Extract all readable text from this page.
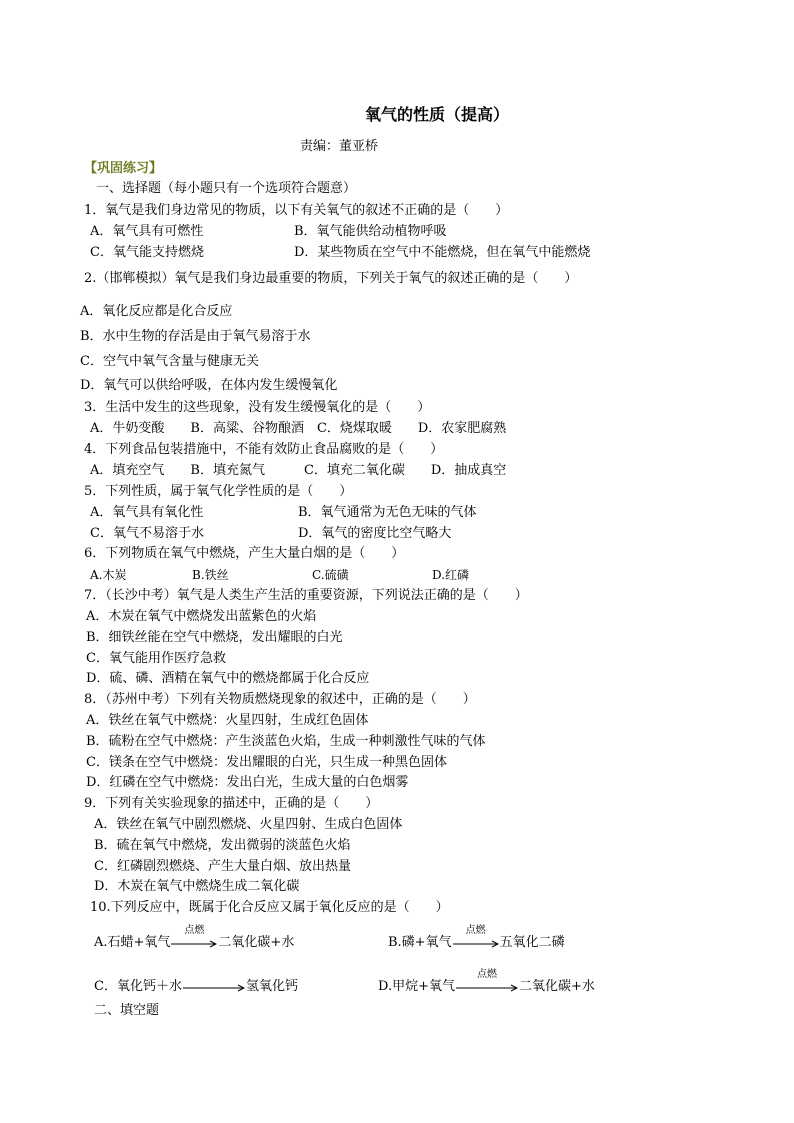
氧气的性质（提高）
责编：董亚桥
【巩固练习】
一、选择题（每小题只有一个选项符合题意）
1．氧气是我们身边常见的物质，以下有关氧气的叙述不正确的是（　　）
A．氧气具有可燃性	B．氧气能供给动植物呼吸
C．氧气能支持燃烧	D．某些物质在空气中不能燃烧，但在氧气中能燃烧
2.（邯郸模拟）氧气是我们身边最重要的物质，下列关于氧气的叙述正确的是（　　）
A．氧化反应都是化合反应
B．水中生物的存活是由于氧气易溶于水
C．空气中氧气含量与健康无关
D．氧气可以供给呼吸，在体内发生缓慢氧化
3．生活中发生的这些现象，没有发生缓慢氧化的是（　　）
A．牛奶变酸　　B．高粱、谷物酿酒　C．烧煤取暖　　D．农家肥腐熟
4．下列食品包装措施中，不能有效防止食品腐败的是（　　）
A．填充空气　　B．填充氮气　　　C．填充二氧化碳　　D．抽成真空
5．下列性质，属于氧气化学性质的是（　　）
A．氧气具有氧化性	B．氧气通常为无色无味的气体
C．氧气不易溶于水	D．氧气的密度比空气略大
6．下列物质在氧气中燃烧，产生大量白烟的是（　　）
A.木炭	B.铁丝	C.硫磺	D.红磷
7．（长沙中考）氧气是人类生产生活的重要资源，下列说法正确的是（　　）
A．木炭在氧气中燃烧发出蓝紫色的火焰
B．细铁丝能在空气中燃烧，发出耀眼的白光
C．氧气能用作医疗急救
D．硫、磷、酒精在氧气中的燃烧都属于化合反应
8．（苏州中考）下列有关物质燃烧现象的叙述中，正确的是（　　）
A．铁丝在氧气中燃烧：火星四射，生成红色固体
B．硫粉在空气中燃烧：产生淡蓝色火焰，生成一种刺激性气味的气体
C．镁条在空气中燃烧：发出耀眼的白光，只生成一种黑色固体
D．红磷在空气中燃烧：发出白光，生成大量的白色烟雾
9．下列有关实验现象的描述中，正确的是（　　）
A．铁丝在氧气中剧烈燃烧、火星四射、生成白色固体
B．硫在氧气中燃烧，发出微弱的淡蓝色火焰
C．红磷剧烈燃烧、产生大量白烟、放出热量
D．木炭在氧气中燃烧生成二氧化碳
10.下列反应中，既属于化合反应又属于氧化反应的是（　　）
A.石蜡+氧气
点燃
二氧化碳+水	B.磷+氧气
点燃
五氧化二磷
C．氧化钙＋水	氢氧化钙	D.甲烷+氧气
点燃
二氧化碳+水
二、填空题
